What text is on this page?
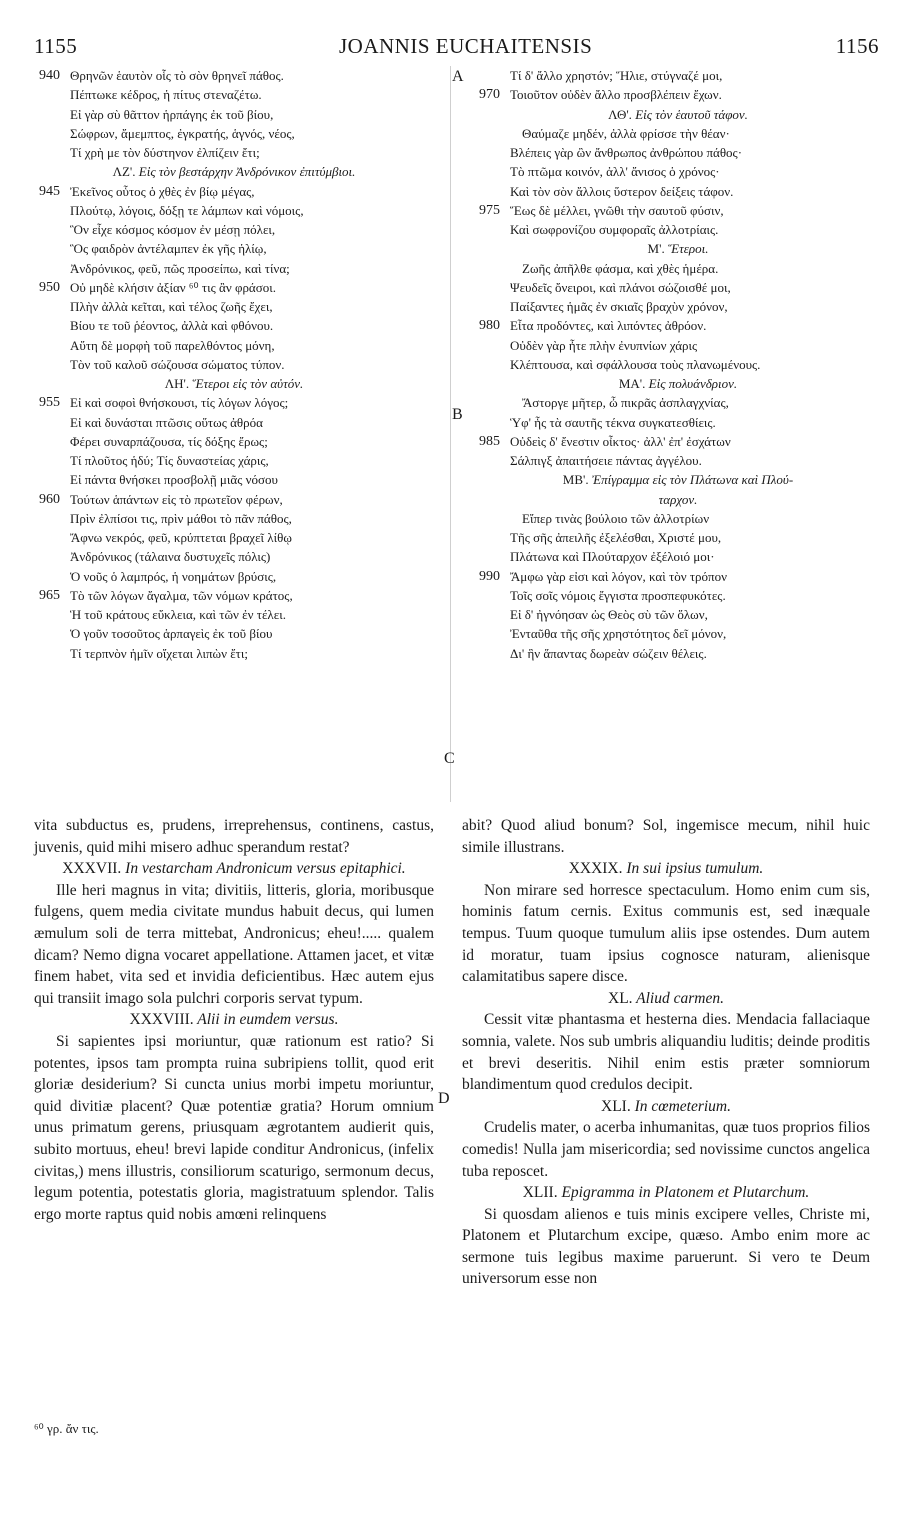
1155	JOANNIS EUCHAITENSIS	1156
940 Θρηνῶν ἑαυτὸν οἷς τὸ σὸν θρηνεῖ πάθος.
Πέπτωκε κέδρος, ἡ πίτυς στεναζέτω.
Εἰ γὰρ σὺ θᾶττον ἡρπάγης ἐκ τοῦ βίου,
Σώφρων, ἄμεμπτος, ἐγκρατής, ἁγνός, νέος,
Τί χρὴ με τὸν δύστηνον ἐλπίζειν ἔτι;
ΛΖ'. Εἰς τὸν βεστάρχην Ἀνδρόνικον ἐπιτύμβιοι.
945 Ἐκεῖνος οὗτος ὁ χθὲς ἐν βίῳ μέγας,
Πλούτῳ, λόγοις, δόξῃ τε λάμπων καὶ νόμοις,
Ὃν εἶχε κόσμος κόσμον ἐν μέσῃ πόλει,
Ὃς φαιδρὸν ἀντέλαμπεν ἐκ γῆς ἡλίῳ,
Ἀνδρόνικος, φεῦ, πῶς προσείπω, καὶ τίνα;
950 Οὐ μηδὲ κλήσιν ἀξίαν ⁶⁰ τις ἂν φράσοι.
Πλὴν ἀλλὰ κεῖται, καὶ τέλος ζωῆς ἔχει,
Βίου τε τοῦ ῥέοντος, ἀλλὰ καὶ φθόνου.
Αὕτη δὲ μορφὴ τοῦ παρελθόντος μόνη,
Τὸν τοῦ καλοῦ σώζουσα σώματος τύπον.
ΛΗ'. Ἕτεροι εἰς τὸν αὐτόν.
955 Εἰ καὶ σοφοὶ θνήσκουσι, τίς λόγων λόγος;
Εἰ καὶ δυνάσται πτῶσις οὕτως ἀθρόα
Φέρει συναρπάζουσα, τίς δόξης ἔρως;
Τί πλοῦτος ἡδύ; Τίς δυναστείας χάρις,
Εἰ πάντα θνήσκει προσβολῇ μιᾶς νόσου
960 Τούτων ἁπάντων εἰς τὸ πρωτεῖον φέρων,
Πρὶν ἐλπίσοι τις, πρὶν μάθοι τὸ πᾶν πάθος,
Ἄφνω νεκρός, φεῦ, κρύπτεται βραχεῖ λίθῳ
Ἀνδρόνικος (τάλαινα δυστυχεῖς πόλις)
Ὁ νοῦς ὁ λαμπρός, ἡ νοημάτων βρύσις,
965 Τὸ τῶν λόγων ἄγαλμα, τῶν νόμων κράτος,
Ἡ τοῦ κράτους εὔκλεια, καὶ τῶν ἐν τέλει.
Ὁ γοῦν τοσοῦτος ἁρπαγεὶς ἐκ τοῦ βίου
Τί τερπνὸν ἡμῖν οἴχεται λιπὼν ἔτι;
Τί δ' ἄλλο χρηστόν; Ἥλιε, στύγναζέ μοι,
970 Τοιοῦτον οὐδὲν ἄλλο προσβλέπειν ἔχων.
ΛΘ'. Εἰς τὸν ἑαυτοῦ τάφον.
Θαύμαζε μηδέν, ἀλλὰ φρίσσε τὴν θέαν·
Βλέπεις γὰρ ὢν ἄνθρωπος ἀνθρώπου πάθος·
Τὸ πτῶμα κοινόν, ἀλλ' ἄνισος ὁ χρόνος·
Καὶ τὸν σὸν ἄλλοις ὕστερον δείξεις τάφον.
975 Ἕως δὲ μέλλει, γνῶθι τὴν σαυτοῦ φύσιν,
Καὶ σωφρονίζου συμφοραῖς ἀλλοτρίαις.
Μ'. Ἕτεροι.
Ζωῆς ἀπῆλθε φάσμα, καὶ χθὲς ἡμέρα.
Ψευδεῖς ὄνειροι, καὶ πλάνοι σώζοισθέ μοι,
Παίξαντες ἡμᾶς ἐν σκιαῖς βραχὺν χρόνον,
980 Εἶτα προδόντες, καὶ λιπόντες ἀθρόον.
Οὐδὲν γὰρ ἦτε πλὴν ἐνυπνίων χάρις
Κλέπτουσα, καὶ σφάλλουσα τοὺς πλανωμένους.
ΜΑ'. Εἰς πολυάνδριον.
Ἄστοργε μῆτερ, ὦ πικρᾶς ἀσπλαγχνίας,
Ὑφ' ἧς τὰ σαυτῆς τέκνα συγκατεσθίεις.
985 Οὐδεὶς δ' ἔνεστιν οἶκτος· ἀλλ' ἐπ' ἐσχάτων
Σάλπιγξ ἀπαιτήσειε πάντας ἀγγέλου.
ΜΒ'. Ἐπίγραμμα εἰς τὸν Πλάτωνα καὶ Πλού-
ταρχον.
Εἴπερ τινὰς βούλοιο τῶν ἀλλοτρίων
Τῆς σῆς ἀπειλῆς ἐξελέσθαι, Χριστέ μου,
Πλάτωνα καὶ Πλούταρχον ἐξέλοιό μοι·
990 Ἄμφω γὰρ εἰσι καὶ λόγον, καὶ τὸν τρόπον
Τοῖς σοῖς νόμοις ἔγγιστα προσπεφυκότες.
Εἰ δ' ἠγνόησαν ὡς Θεὸς σὺ τῶν ὅλων,
Ἐνταῦθα τῆς σῆς χρηστότητος δεῖ μόνον,
Δι' ἣν ἅπαντας δωρεὰν σώζειν θέλεις.
A
B
C
D

vita subductus es, prudens, irreprehensus, continens, castus, juvenis, quid mihi misero adhuc sperandum restat?

XXXVII. In vestarcham Andronicum versus epitaphici.

Ille heri magnus in vita; divitiis, litteris, gloria, moribusque fulgens, quem media civitate mundus habuit decus, qui lumen æmulum soli de terra mittebat, Andronicus; eheu!..... qualem dicam? Nemo digna vocaret appellatione. Attamen jacet, et vitæ finem habet, vita sed et invidia deficientibus. Hæc autem ejus qui transiit imago sola pulchri corporis servat typum.

XXXVIII. Alii in eumdem versus.

Si sapientes ipsi moriuntur, quæ rationum est ratio? Si potentes, ipsos tam prompta ruina subripiens tollit, quod erit gloriæ desiderium? Si cuncta unius morbi impetu moriuntur, quid divitiæ placent? Quæ potentiæ gratia? Horum omnium unus primatum gerens, priusquam ægrotantem audierit quis, subito mortuus, eheu! brevi lapide conditur Andronicus, (infelix civitas,) mens illustris, consiliorum scaturigo, sermonum decus, legum potentia, potestatis gloria, magistratuum splendor. Talis ergo morte raptus quid nobis amœni relinquens

abit? Quod aliud bonum? Sol, ingemisce mecum, nihil huic simile illustrans.

XXXIX. In sui ipsius tumulum.

Non mirare sed horresce spectaculum. Homo enim cum sis, hominis fatum cernis. Exitus communis est, sed inæquale tempus. Tuum quoque tumulum aliis ipse ostendes. Dum autem id moratur, tuam ipsius cognosce naturam, alienisque calamitatibus sapere disce.

XL. Aliud carmen.

Cessit vitæ phantasma et hesterna dies. Mendacia fallaciaque somnia, valete. Nos sub umbris aliquandiu luditis; deinde proditis et brevi deseritis. Nihil enim estis præter somniorum blandimentum quod credulos decipit.

XLI. In cœmeterium.

Crudelis mater, o acerba inhumanitas, quæ tuos proprios filios comedis! Nulla jam misericordia; sed novissime cunctos angelica tuba reposcet.

XLII. Epigramma in Platonem et Plutarchum.

Si quosdam alienos e tuis minis excipere velles, Christe mi, Platonem et Plutarchum excipe, quæso. Ambo enim more ac sermone tuis legibus maxime paruerunt. Si vero te Deum universorum esse non

⁶⁰ γρ. ἄν τις.
